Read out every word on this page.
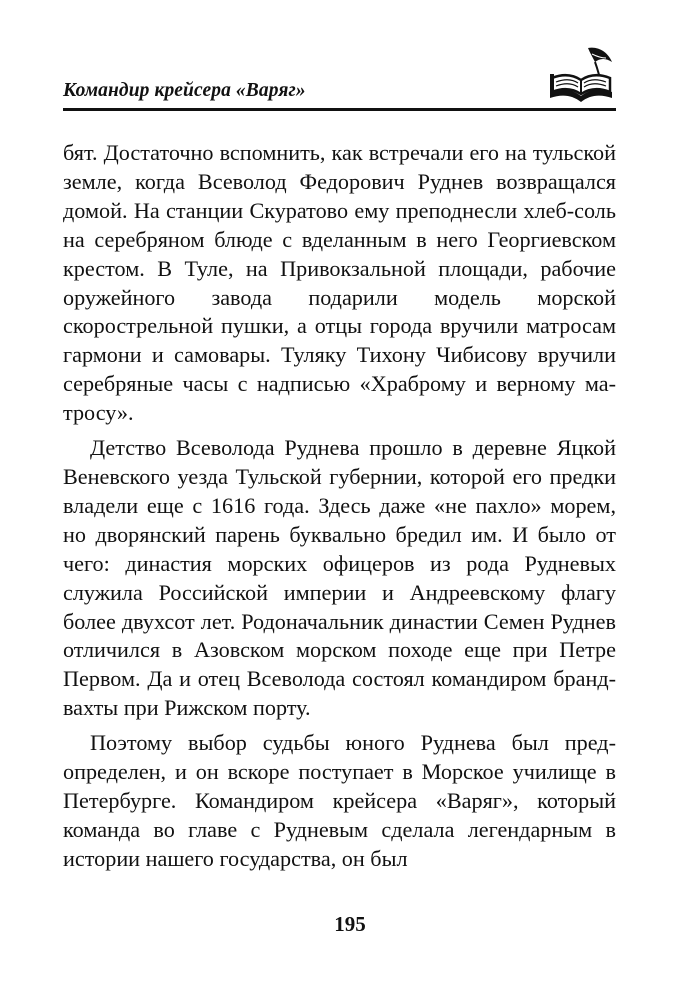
Командир крейсера «Варяг»

бят. Достаточно вспомнить, как встречали его на тульской земле, когда Всеволод Федорович Руднев возвращался домой. На станции Скуратово ему преподнесли хлеб-соль на серебряном блюде с вделанным в него Георгиевском крестом. В Туле, на Привокзальной площади, рабочие оружейного завода подарили модель морской скорострельной пушки, а отцы города вручили матросам гармони и самовары. Туляку Тихону Чибисову вручили серебряные часы с надписью «Храброму и верному матросу».

Детство Всеволода Руднева прошло в деревне Яцкой Веневского уезда Тульской губернии, которой его предки владели еще с 1616 года. Здесь даже «не пахло» морем, но дворянский парень буквально бредил им. И было от чего: династия морских офицеров из рода Рудневых служила Российской империи и Андреевскому флагу более двухсот лет. Родоначальник династии Семен Руднев отличился в Азовском морском походе еще при Петре Первом. Да и отец Всеволода состоял командиром брандвахты при Рижском порту.

Поэтому выбор судьбы юного Руднева был предопределен, и он вскоре поступает в Морское училище в Петербурге. Командиром крейсера «Варяг», который команда во главе с Рудневым сделала легендарным в истории нашего государства, он был

195
